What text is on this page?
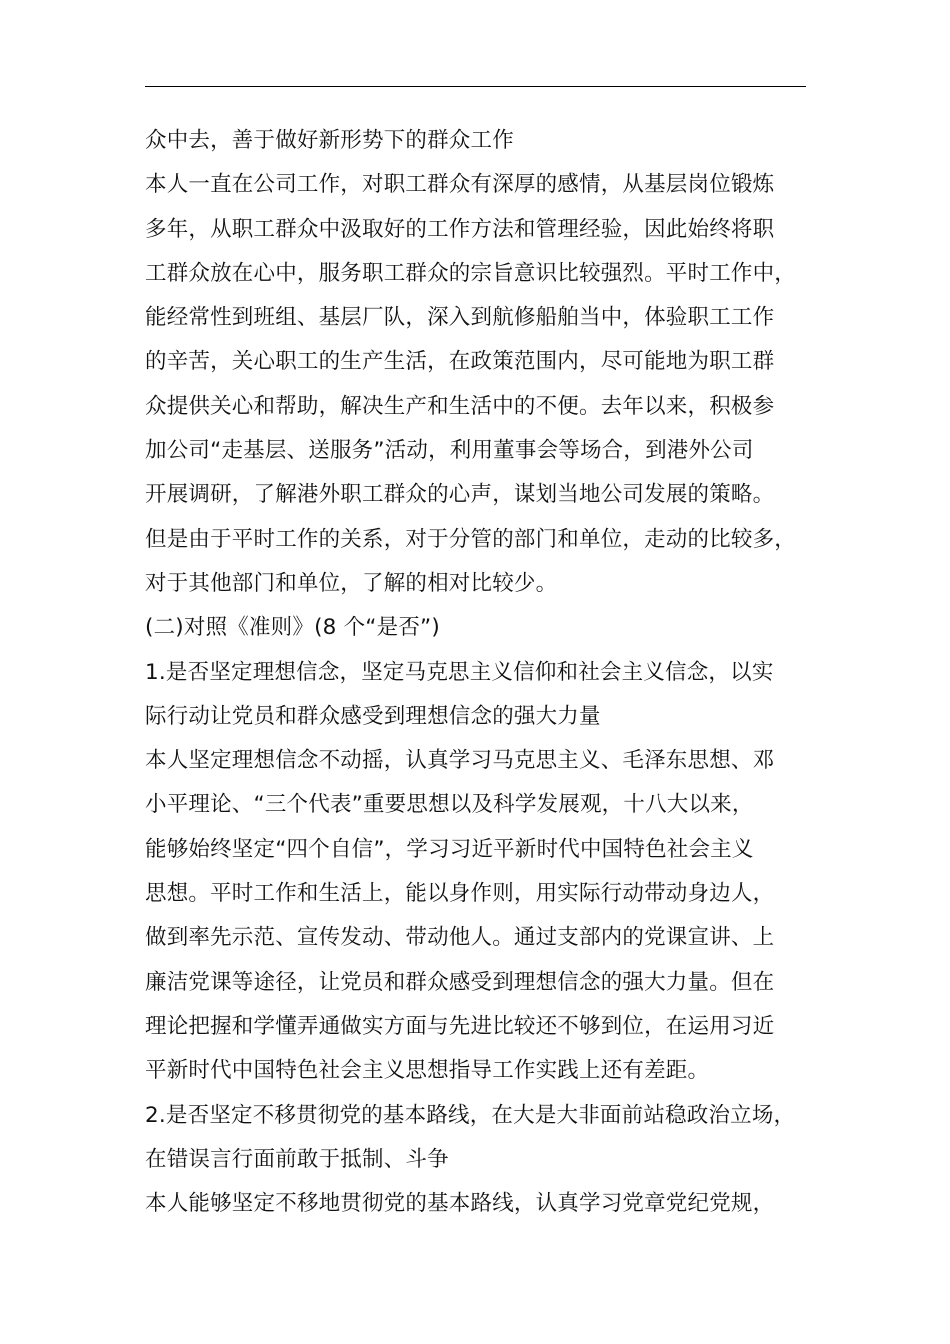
众中去，善于做好新形势下的群众工作
本人一直在公司工作，对职工群众有深厚的感情，从基层岗位锻炼
多年，从职工群众中汲取好的工作方法和管理经验，因此始终将职
工群众放在心中，服务职工群众的宗旨意识比较强烈。平时工作中，
能经常性到班组、基层厂队，深入到航修船舶当中，体验职工工作
的辛苦，关心职工的生产生活，在政策范围内，尽可能地为职工群
众提供关心和帮助，解决生产和生活中的不便。去年以来，积极参
加公司“走基层、送服务”活动，利用董事会等场合，到港外公司
开展调研，了解港外职工群众的心声，谋划当地公司发展的策略。
但是由于平时工作的关系，对于分管的部门和单位，走动的比较多，
对于其他部门和单位，了解的相对比较少。
(二)对照《准则》(8 个“是否”)
1.是否坚定理想信念，坚定马克思主义信仰和社会主义信念，以实
际行动让党员和群众感受到理想信念的强大力量
本人坚定理想信念不动摇，认真学习马克思主义、毛泽东思想、邓
小平理论、“三个代表”重要思想以及科学发展观，十八大以来，
能够始终坚定“四个自信”，学习习近平新时代中国特色社会主义
思想。平时工作和生活上，能以身作则，用实际行动带动身边人，
做到率先示范、宣传发动、带动他人。通过支部内的党课宣讲、上
廉洁党课等途径，让党员和群众感受到理想信念的强大力量。但在
理论把握和学懂弄通做实方面与先进比较还不够到位，在运用习近
平新时代中国特色社会主义思想指导工作实践上还有差距。
2.是否坚定不移贯彻党的基本路线，在大是大非面前站稳政治立场，
在错误言行面前敢于抵制、斗争
本人能够坚定不移地贯彻党的基本路线，认真学习党章党纪党规，
